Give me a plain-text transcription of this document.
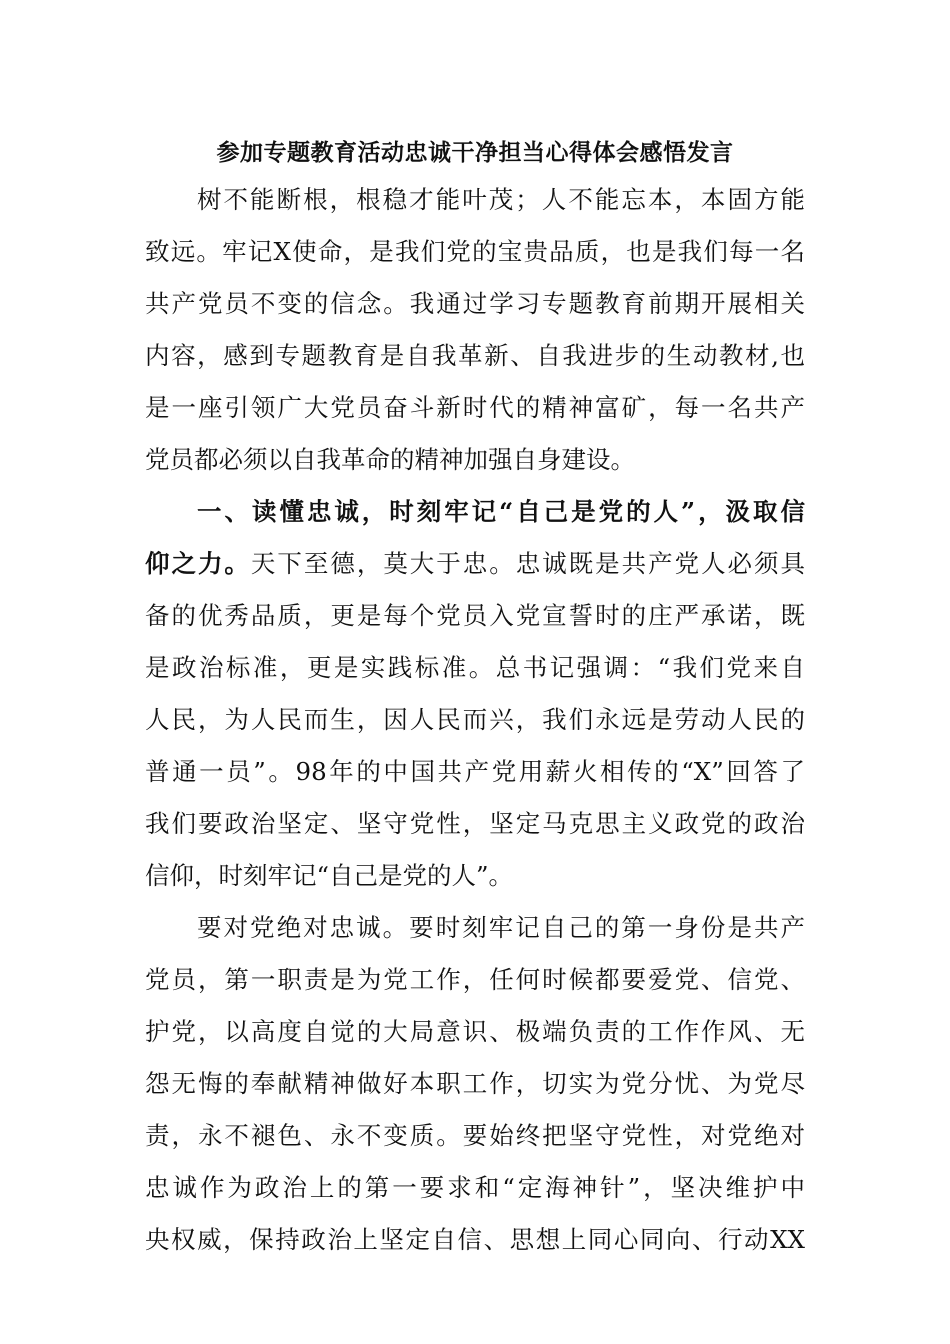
参加专题教育活动忠诚干净担当心得体会感悟发言

树不能断根，根稳才能叶茂；人不能忘本，本固方能

致远。牢记X使命，是我们党的宝贵品质，也是我们每一名

共产党员不变的信念。我通过学习专题教育前期开展相关

内容，感到专题教育是自我革新、自我进步的生动教材,也

是一座引领广大党员奋斗新时代的精神富矿，每一名共产

党员都必须以自我革命的精神加强自身建设。

一、读懂忠诚，时刻牢记“自己是党的人”，汲取信

仰之力。天下至德，莫大于忠。忠诚既是共产党人必须具

备的优秀品质，更是每个党员入党宣誓时的庄严承诺，既

是政治标准，更是实践标准。总书记强调：“我们党来自

人民，为人民而生，因人民而兴，我们永远是劳动人民的

普通一员”。98年的中国共产党用薪火相传的“X”回答了

我们要政治坚定、坚守党性，坚定马克思主义政党的政治

信仰，时刻牢记“自己是党的人”。

要对党绝对忠诚。要时刻牢记自己的第一身份是共产

党员，第一职责是为党工作，任何时候都要爱党、信党、

护党，以高度自觉的大局意识、极端负责的工作作风、无

怨无悔的奉献精神做好本职工作，切实为党分忧、为党尽

责，永不褪色、永不变质。要始终把坚守党性，对党绝对

忠诚作为政治上的第一要求和“定海神针”，坚决维护中

央权威，保持政治上坚定自信、思想上同心同向、行动XX
